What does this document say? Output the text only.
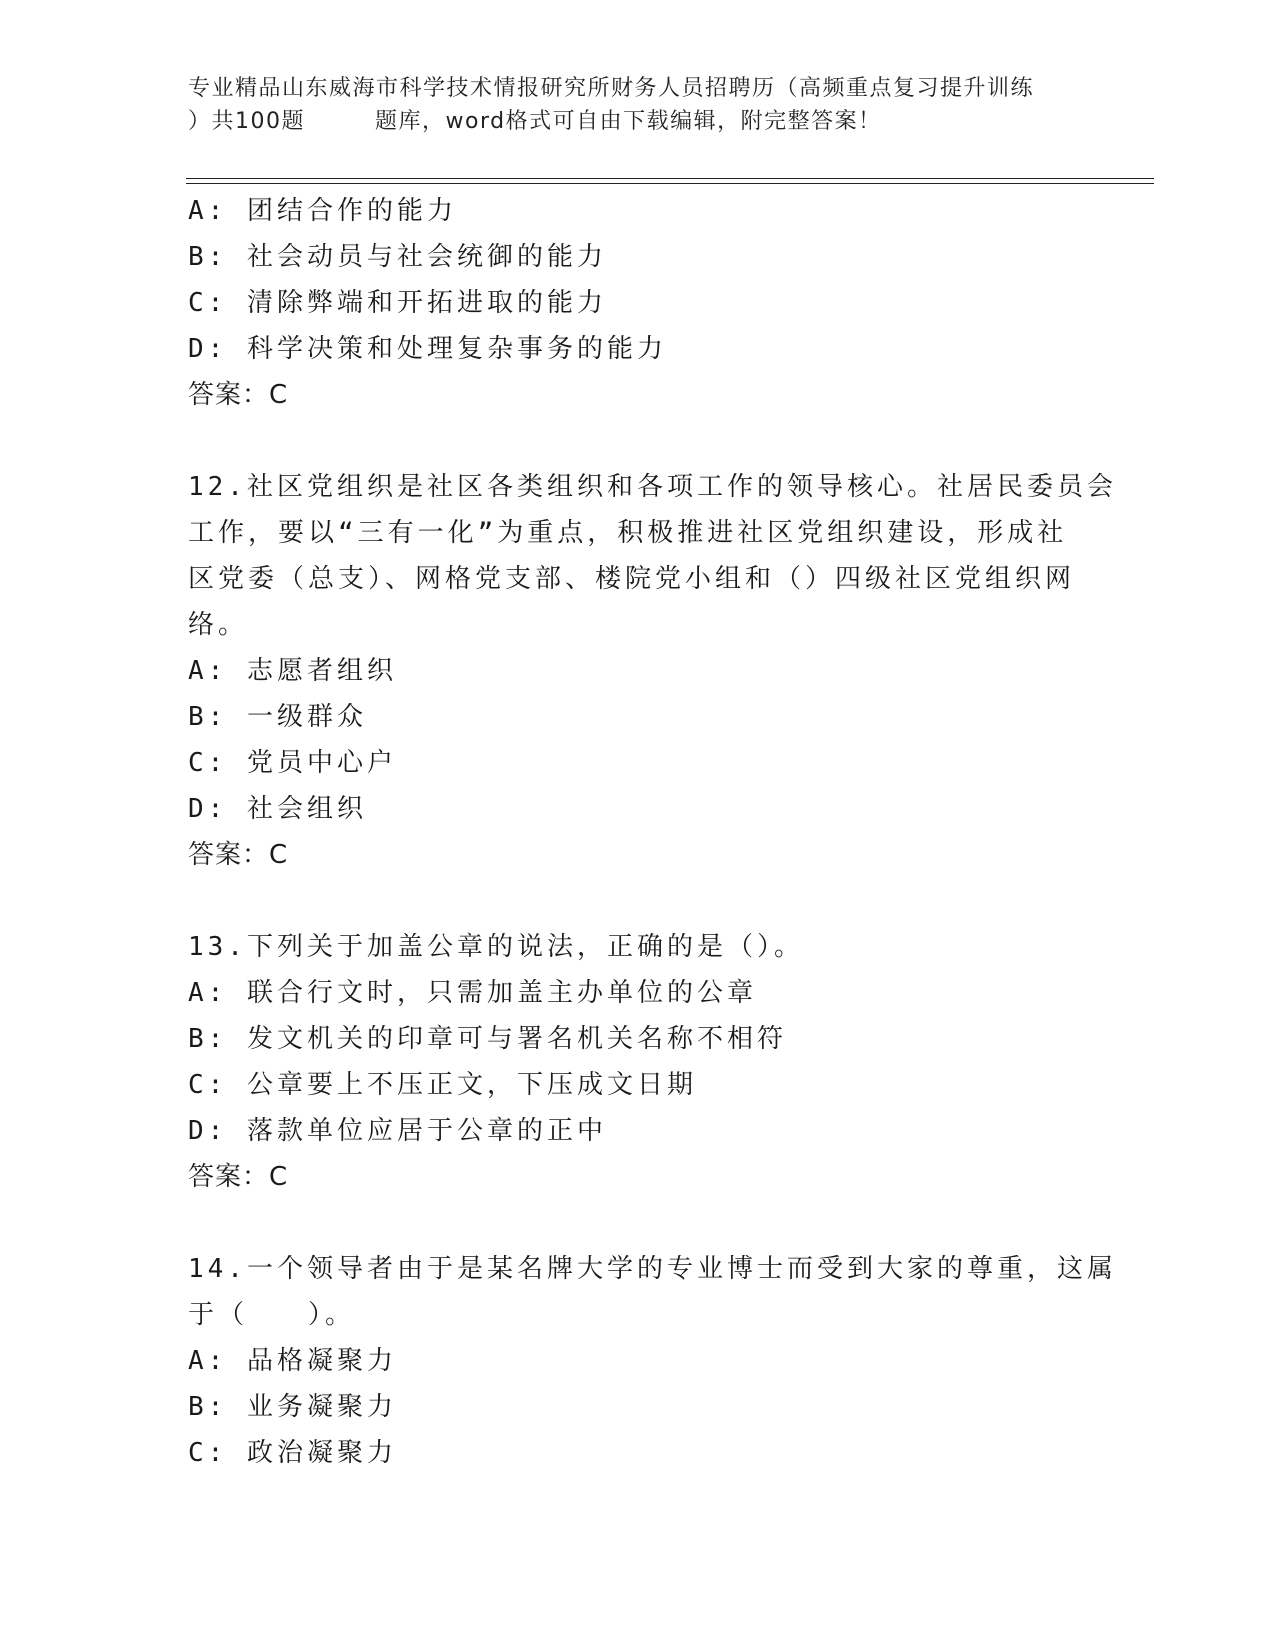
专业精品山东威海市科学技术情报研究所财务人员招聘历（高频重点复习提升训练
）共100题	题库，word格式可自由下载编辑，附完整答案！
A: 团结合作的能力
B: 社会动员与社会统御的能力
C: 清除弊端和开拓进取的能力
D: 科学决策和处理复杂事务的能力
答案：C
12.社区党组织是社区各类组织和各项工作的领导核心。社居民委员会
工作，要以“三有一化”为重点，积极推进社区党组织建设，形成社
区党委（总支）、网格党支部、楼院党小组和（）四级社区党组织网
络。
A: 志愿者组织
B: 一级群众
C: 党员中心户
D: 社会组织
答案：C
13.下列关于加盖公章的说法，正确的是（）。
A: 联合行文时，只需加盖主办单位的公章
B: 发文机关的印章可与署名机关名称不相符
C: 公章要上不压正文，下压成文日期
D: 落款单位应居于公章的正中
答案：C
14.一个领导者由于是某名牌大学的专业博士而受到大家的尊重，这属
于（　　）。
A: 品格凝聚力
B: 业务凝聚力
C: 政治凝聚力
